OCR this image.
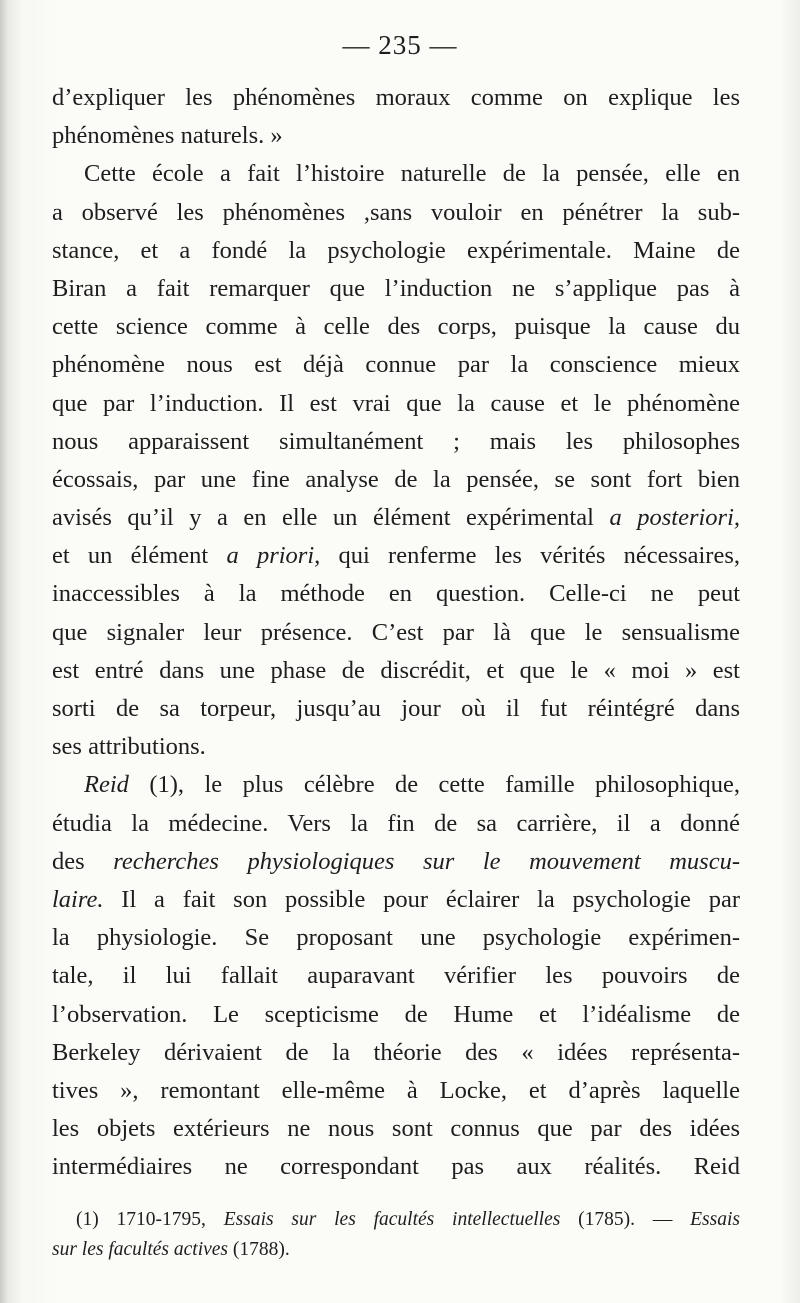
— 235 —
d’expliquer les phénomènes moraux comme on explique les
phénomènes naturels. »
Cette école a fait l’histoire naturelle de la pensée, elle en
a observé les phénomènes ,sans vouloir en pénétrer la sub-
stance, et a fondé la psychologie expérimentale. Maine de
Biran a fait remarquer que l’induction ne s’applique pas à
cette science comme à celle des corps, puisque la cause du
phénomène nous est déjà connue par la conscience mieux
que par l’induction. Il est vrai que la cause et le phénomène
nous apparaissent simultanément ; mais les philosophes
écossais, par une fine analyse de la pensée, se sont fort bien
avisés qu’il y a en elle un élément expérimental a posteriori,
et un élément a priori, qui renferme les vérités nécessaires,
inaccessibles à la méthode en question. Celle-ci ne peut
que signaler leur présence. C’est par là que le sensualisme
est entré dans une phase de discrédit, et que le « moi » est
sorti de sa torpeur, jusqu’au jour où il fut réintégré dans
ses attributions.
Reid (1), le plus célèbre de cette famille philosophique,
étudia la médecine. Vers la fin de sa carrière, il a donné
des recherches physiologiques sur le mouvement muscu-
laire. Il a fait son possible pour éclairer la psychologie par
la physiologie. Se proposant une psychologie expérimen-
tale, il lui fallait auparavant vérifier les pouvoirs de
l’observation. Le scepticisme de Hume et l’idéalisme de
Berkeley dérivaient de la théorie des « idées représenta-
tives », remontant elle-même à Locke, et d’après laquelle
les objets extérieurs ne nous sont connus que par des idées
intermédiaires ne correspondant pas aux réalités. Reid
(1) 1710-1795, Essais sur les facultés intellectuelles (1785). — Essais
sur les facultés actives (1788).
